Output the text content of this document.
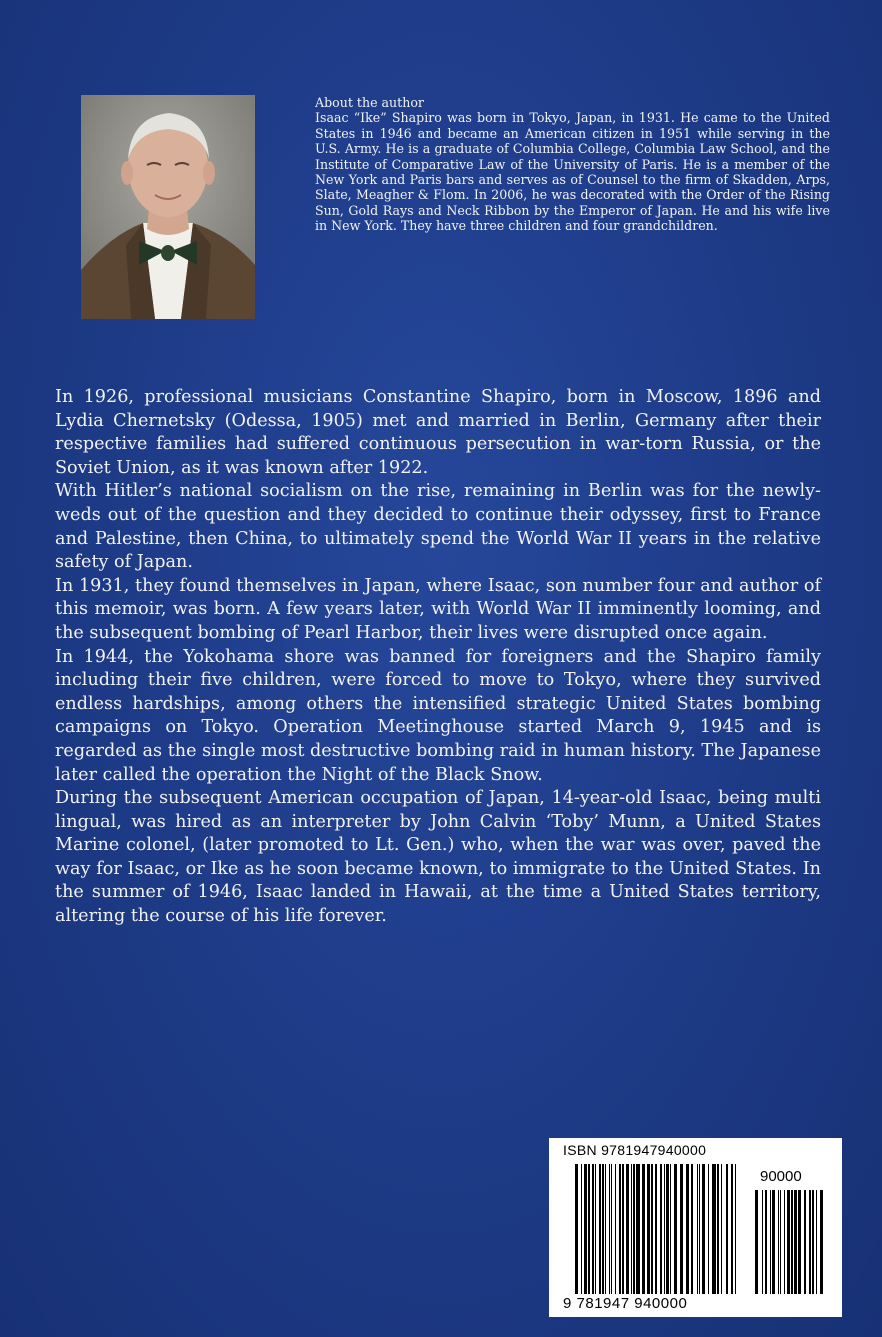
About the author
Isaac “Ike” Shapiro was born in Tokyo, Japan, in 1931. He came to the United States in 1946 and became an American citizen in 1951 while serving in the U.S. Army. He is a graduate of Columbia College, Columbia Law School, and the Institute of Comparative Law of the University of Paris. He is a member of the New York and Paris bars and serves as of Counsel to the firm of Skadden, Arps, Slate, Meagher & Flom. In 2006, he was decorated with the Order of the Rising Sun, Gold Rays and Neck Ribbon by the Emperor of Japan. He and his wife live in New York. They have three children and four grandchildren.

In 1926, professional musicians Constantine Shapiro, born in Moscow, 1896 and Lydia Chernetsky (Odessa, 1905) met and married in Berlin, Germany after their respective families had suffered continuous persecution in war-torn Russia, or the Soviet Union, as it was known after 1922.

With Hitler’s national socialism on the rise, remaining in Berlin was for the newly-weds out of the question and they decided to continue their odyssey, first to France and Palestine, then China, to ultimately spend the World War II years in the relative safety of Japan.

In 1931, they found themselves in Japan, where Isaac, son number four and author of this memoir, was born. A few years later, with World War II imminently looming, and the subsequent bombing of Pearl Harbor, their lives were disrupted once again.

In 1944, the Yokohama shore was banned for foreigners and the Shapiro family including their five children, were forced to move to Tokyo, where they survived endless hardships, among others the intensified strategic United States bombing campaigns on Tokyo. Operation Meetinghouse started March 9, 1945 and is regarded as the single most destructive bombing raid in human history. The Japanese later called the operation the Night of the Black Snow.

During the subsequent American occupation of Japan, 14-year-old Isaac, being multi lingual, was hired as an interpreter by John Calvin ‘Toby’ Munn, a United States Marine colonel, (later promoted to Lt. Gen.) who, when the war was over, paved the way for Isaac, or Ike as he soon became known, to immigrate to the United States. In the summer of 1946, Isaac landed in Hawaii, at the time a United States territory, altering the course of his life forever.

ISBN 9781947940000
90000
9 781947 940000
